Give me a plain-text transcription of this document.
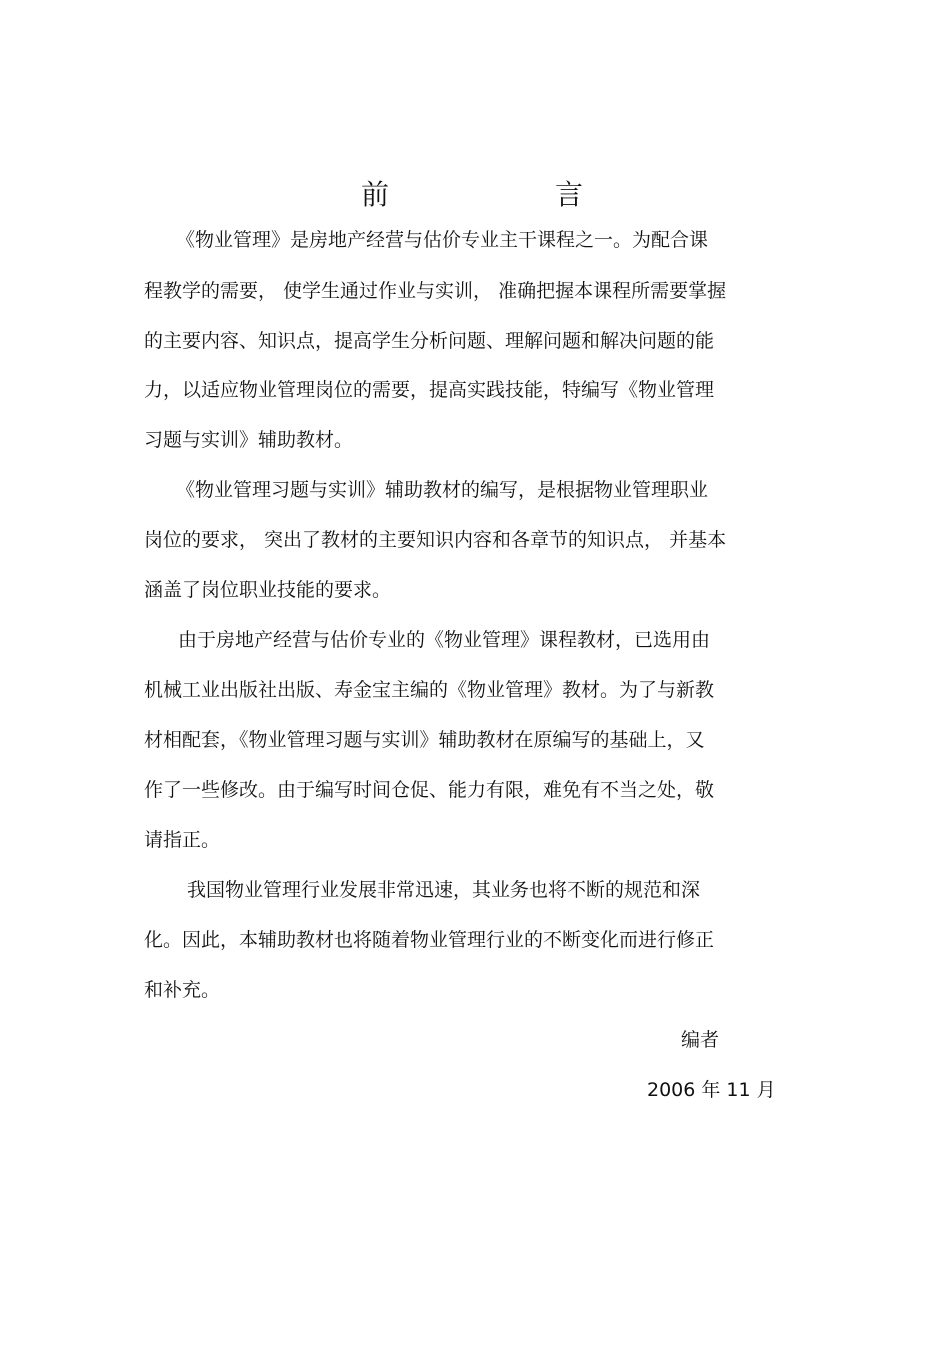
前	言
《物业管理》是房地产经营与估价专业主干课程之一。为配合课
程教学的需要， 使学生通过作业与实训， 准确把握本课程所需要掌握
的主要内容、知识点，提高学生分析问题、理解问题和解决问题的能
力，以适应物业管理岗位的需要，提高实践技能，特编写《物业管理
习题与实训》辅助教材。
《物业管理习题与实训》辅助教材的编写，是根据物业管理职业
岗位的要求， 突出了教材的主要知识内容和各章节的知识点， 并基本
涵盖了岗位职业技能的要求。
由于房地产经营与估价专业的《物业管理》课程教材，已选用由
机械工业出版社出版、寿金宝主编的《物业管理》教材。为了与新教
材相配套，《物业管理习题与实训》辅助教材在原编写的基础上，又
作了一些修改。由于编写时间仓促、能力有限，难免有不当之处，敬
请指正。
我国物业管理行业发展非常迅速，其业务也将不断的规范和深
化。因此，本辅助教材也将随着物业管理行业的不断变化而进行修正
和补充。
编者
2006 年 11 月
